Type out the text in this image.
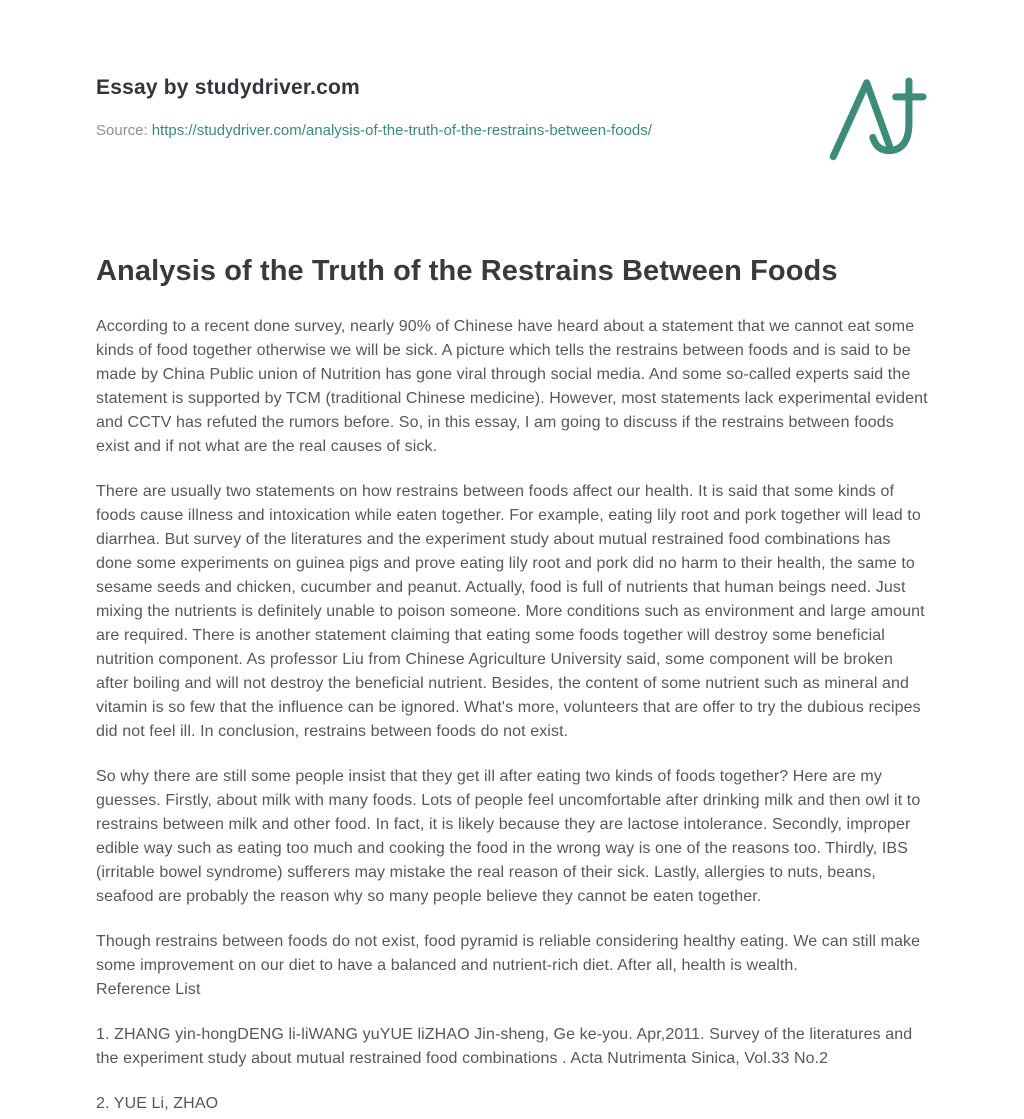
Essay by studydriver.com

Source: https://studydriver.com/analysis-of-the-truth-of-the-restrains-between-foods/

Analysis of the Truth of the Restrains Between Foods

According to a recent done survey, nearly 90% of Chinese have heard about a statement that we cannot eat some kinds of food together otherwise we will be sick. A picture which tells the restrains between foods and is said to be made by China Public union of Nutrition has gone viral through social media. And some so-called experts said the statement is supported by TCM (traditional Chinese medicine). However, most statements lack experimental evident and CCTV has refuted the rumors before. So, in this essay, I am going to discuss if the restrains between foods exist and if not what are the real causes of sick.

There are usually two statements on how restrains between foods affect our health. It is said that some kinds of foods cause illness and intoxication while eaten together. For example, eating lily root and pork together will lead to diarrhea. But survey of the literatures and the experiment study about mutual restrained food combinations has done some experiments on guinea pigs and prove eating lily root and pork did no harm to their health, the same to sesame seeds and chicken, cucumber and peanut. Actually, food is full of nutrients that human beings need. Just mixing the nutrients is definitely unable to poison someone. More conditions such as environment and large amount are required. There is another statement claiming that eating some foods together will destroy some beneficial nutrition component. As professor Liu from Chinese Agriculture University said, some component will be broken after boiling and will not destroy the beneficial nutrient. Besides, the content of some nutrient such as mineral and vitamin is so few that the influence can be ignored. What's more, volunteers that are offer to try the dubious recipes did not feel ill. In conclusion, restrains between foods do not exist.

So why there are still some people insist that they get ill after eating two kinds of foods together? Here are my guesses. Firstly, about milk with many foods. Lots of people feel uncomfortable after drinking milk and then owl it to restrains between milk and other food. In fact, it is likely because they are lactose intolerance. Secondly, improper edible way such as eating too much and cooking the food in the wrong way is one of the reasons too. Thirdly, IBS (irritable bowel syndrome) sufferers may mistake the real reason of their sick. Lastly, allergies to nuts, beans, seafood are probably the reason why so many people believe they cannot be eaten together.

Though restrains between foods do not exist, food pyramid is reliable considering healthy eating. We can still make some improvement on our diet to have a balanced and nutrient-rich diet. After all, health is wealth.

Reference List

1. ZHANG yin-hongDENG li-liWANG yuYUE liZHAO Jin-sheng, Ge ke-you. Apr,2011. Survey of the literatures and the experiment study about mutual restrained food combinations . Acta Nutrimenta Sinica, Vol.33 No.2

2. YUE Li, ZHAO
